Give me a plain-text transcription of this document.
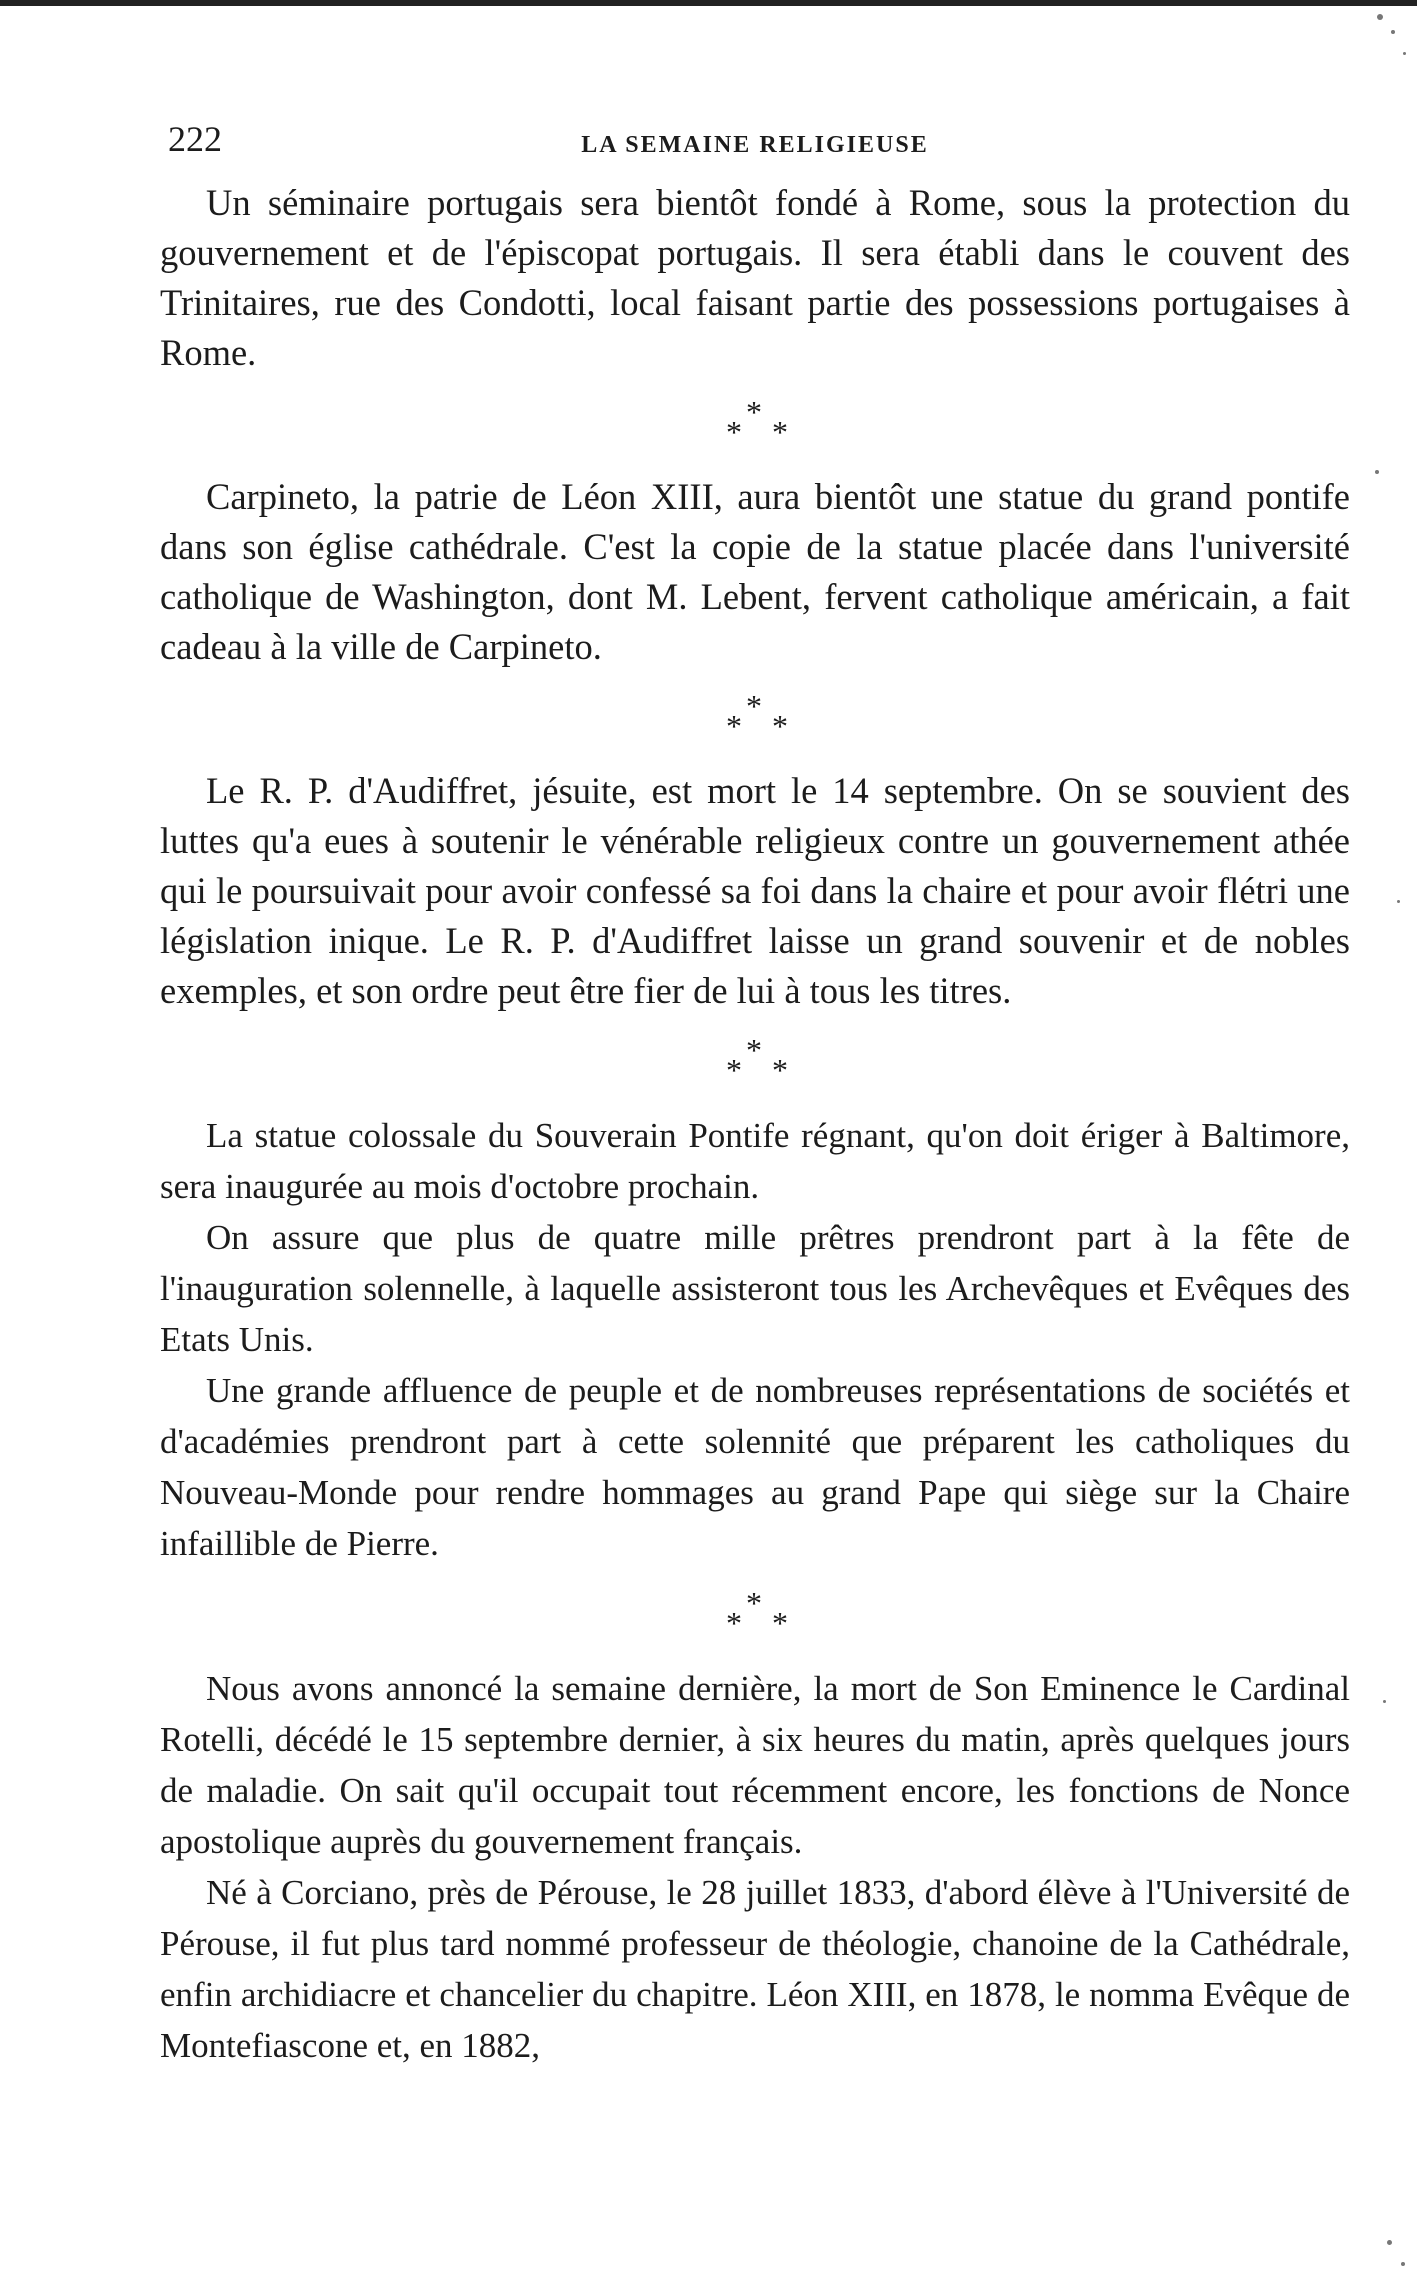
222	LA SEMAINE RELIGIEUSE

Un séminaire portugais sera bientôt fondé à Rome, sous la protection du gouvernement et de l'épiscopat portugais. Il sera établi dans le couvent des Trinitaires, rue des Condotti, local faisant partie des possessions portugaises à Rome.

*
* *

Carpineto, la patrie de Léon XIII, aura bientôt une statue du grand pontife dans son église cathédrale. C'est la copie de la statue placée dans l'université catholique de Washington, dont M. Lebent, fervent catholique américain, a fait cadeau à la ville de Carpineto.

*
* *

Le R. P. d'Audiffret, jésuite, est mort le 14 septembre. On se souvient des luttes qu'a eues à soutenir le vénérable religieux contre un gouvernement athée qui le poursuivait pour avoir confessé sa foi dans la chaire et pour avoir flétri une législation inique. Le R. P. d'Audiffret laisse un grand souvenir et de nobles exemples, et son ordre peut être fier de lui à tous les titres.

*
* *

La statue colossale du Souverain Pontife régnant, qu'on doit ériger à Baltimore, sera inaugurée au mois d'octobre prochain.

On assure que plus de quatre mille prêtres prendront part à la fête de l'inauguration solennelle, à laquelle assisteront tous les Archevêques et Evêques des Etats Unis.

Une grande affluence de peuple et de nombreuses représentations de sociétés et d'académies prendront part à cette solennité que préparent les catholiques du Nouveau-Monde pour rendre hommages au grand Pape qui siège sur la Chaire infaillible de Pierre.

*
* *

Nous avons annoncé la semaine dernière, la mort de Son Eminence le Cardinal Rotelli, décédé le 15 septembre dernier, à six heures du matin, après quelques jours de maladie. On sait qu'il occupait tout récemment encore, les fonctions de Nonce apostolique auprès du gouvernement français.

Né à Corciano, près de Pérouse, le 28 juillet 1833, d'abord élève à l'Université de Pérouse, il fut plus tard nommé professeur de théologie, chanoine de la Cathédrale, enfin archidiacre et chancelier du chapitre. Léon XIII, en 1878, le nomma Evêque de Montefiascone et, en 1882,
